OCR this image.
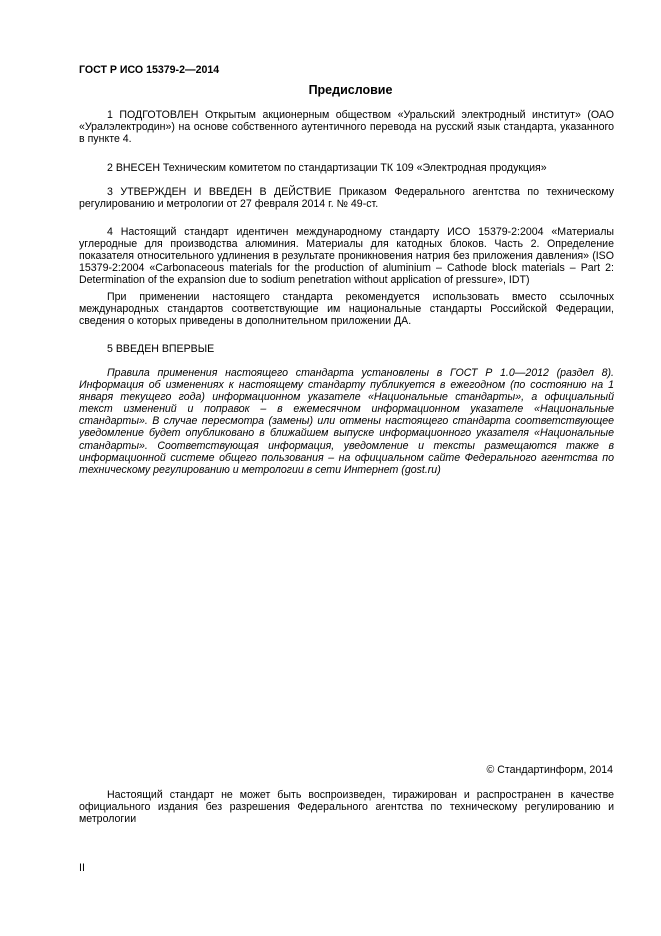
ГОСТ Р ИСО 15379-2—2014
Предисловие

1 ПОДГОТОВЛЕН Открытым акционерным обществом «Уральский электродный институт» (ОАО «Уралэлектродин») на основе собственного аутентичного перевода на русский язык стандарта, указанного в пункте 4.

2 ВНЕСЕН Техническим комитетом по стандартизации ТК 109 «Электродная продукция»

3 УТВЕРЖДЕН И ВВЕДЕН В ДЕЙСТВИЕ Приказом Федерального агентства по техническому регулированию и метрологии от 27 февраля 2014 г. № 49-ст.

4 Настоящий стандарт идентичен международному стандарту ИСО 15379-2:2004 «Материалы углеродные для производства алюминия. Материалы для катодных блоков. Часть 2. Определение показателя относительного удлинения в результате проникновения натрия без приложения давления» (ISO 15379-2:2004 «Carbonaceous materials for the production of aluminium – Cathode block materials – Part 2: Determination of the expansion due to sodium penetration without application of pressure», IDT)

При применении настоящего стандарта рекомендуется использовать вместо ссылочных международных стандартов соответствующие им национальные стандарты Российской Федерации, сведения о которых приведены в дополнительном приложении ДА.

5 ВВЕДЕН ВПЕРВЫЕ

Правила применения настоящего стандарта установлены в ГОСТ Р 1.0—2012 (раздел 8). Информация об изменениях к настоящему стандарту публикуется в ежегодном (по состоянию на 1 января текущего года) информационном указателе «Национальные стандарты», а официальный текст изменений и поправок – в ежемесячном информационном указателе «Национальные стандарты». В случае пересмотра (замены) или отмены настоящего стандарта соответствующее уведомление будет опубликовано в ближайшем выпуске информационного указателя «Национальные стандарты». Соответствующая информация, уведомление и тексты размещаются также в информационной системе общего пользования – на официальном сайте Федерального агентства по техническому регулированию и метрологии в сети Интернет (gost.ru)

© Стандартинформ, 2014

Настоящий стандарт не может быть воспроизведен, тиражирован и распространен в качестве официального издания без разрешения Федерального агентства по техническому регулированию и метрологии

II
